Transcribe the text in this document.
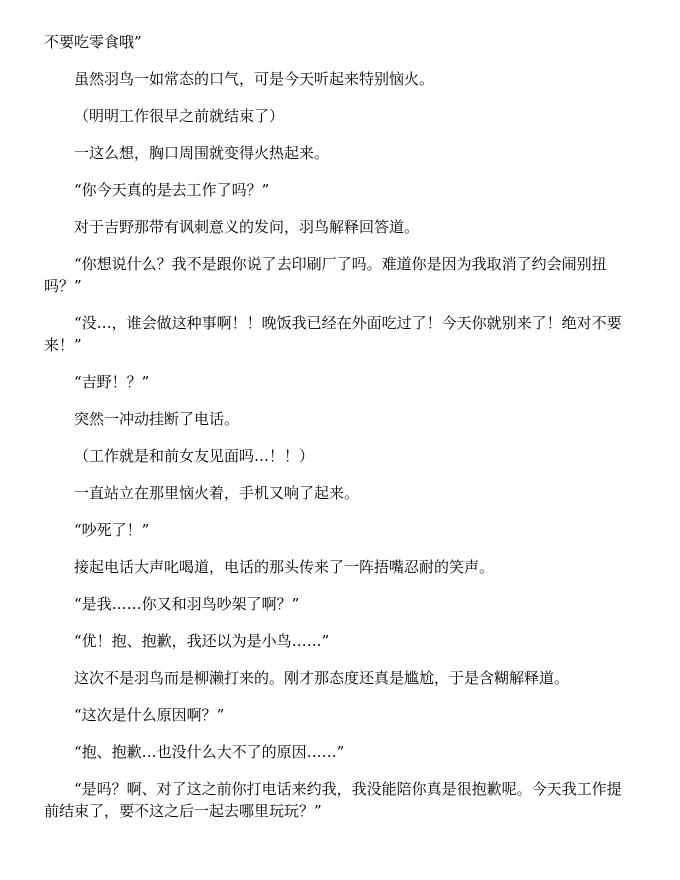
不要吃零食哦”

虽然羽鸟一如常态的口气，可是今天听起来特别恼火。

（明明工作很早之前就结束了）

一这么想，胸口周围就变得火热起来。

“你今天真的是去工作了吗？”

对于吉野那带有讽刺意义的发问，羽鸟解释回答道。

“你想说什么？我不是跟你说了去印刷厂了吗。难道你是因为我取消了约会闹别扭吗？”

“没…，谁会做这种事啊！！晚饭我已经在外面吃过了！今天你就别来了！绝对不要来！”

“吉野！？”

突然一冲动挂断了电话。

（工作就是和前女友见面吗…！！）

一直站立在那里恼火着，手机又响了起来。

“吵死了！”

接起电话大声叱喝道，电话的那头传来了一阵捂嘴忍耐的笑声。

“是我……你又和羽鸟吵架了啊？”

“优！抱、抱歉，我还以为是小鸟……”

这次不是羽鸟而是柳濑打来的。刚才那态度还真是尴尬，于是含糊解释道。

“这次是什么原因啊？”

“抱、抱歉…也没什么大不了的原因……”

“是吗？啊、对了这之前你打电话来约我，我没能陪你真是很抱歉呢。今天我工作提前结束了，要不这之后一起去哪里玩玩？”
